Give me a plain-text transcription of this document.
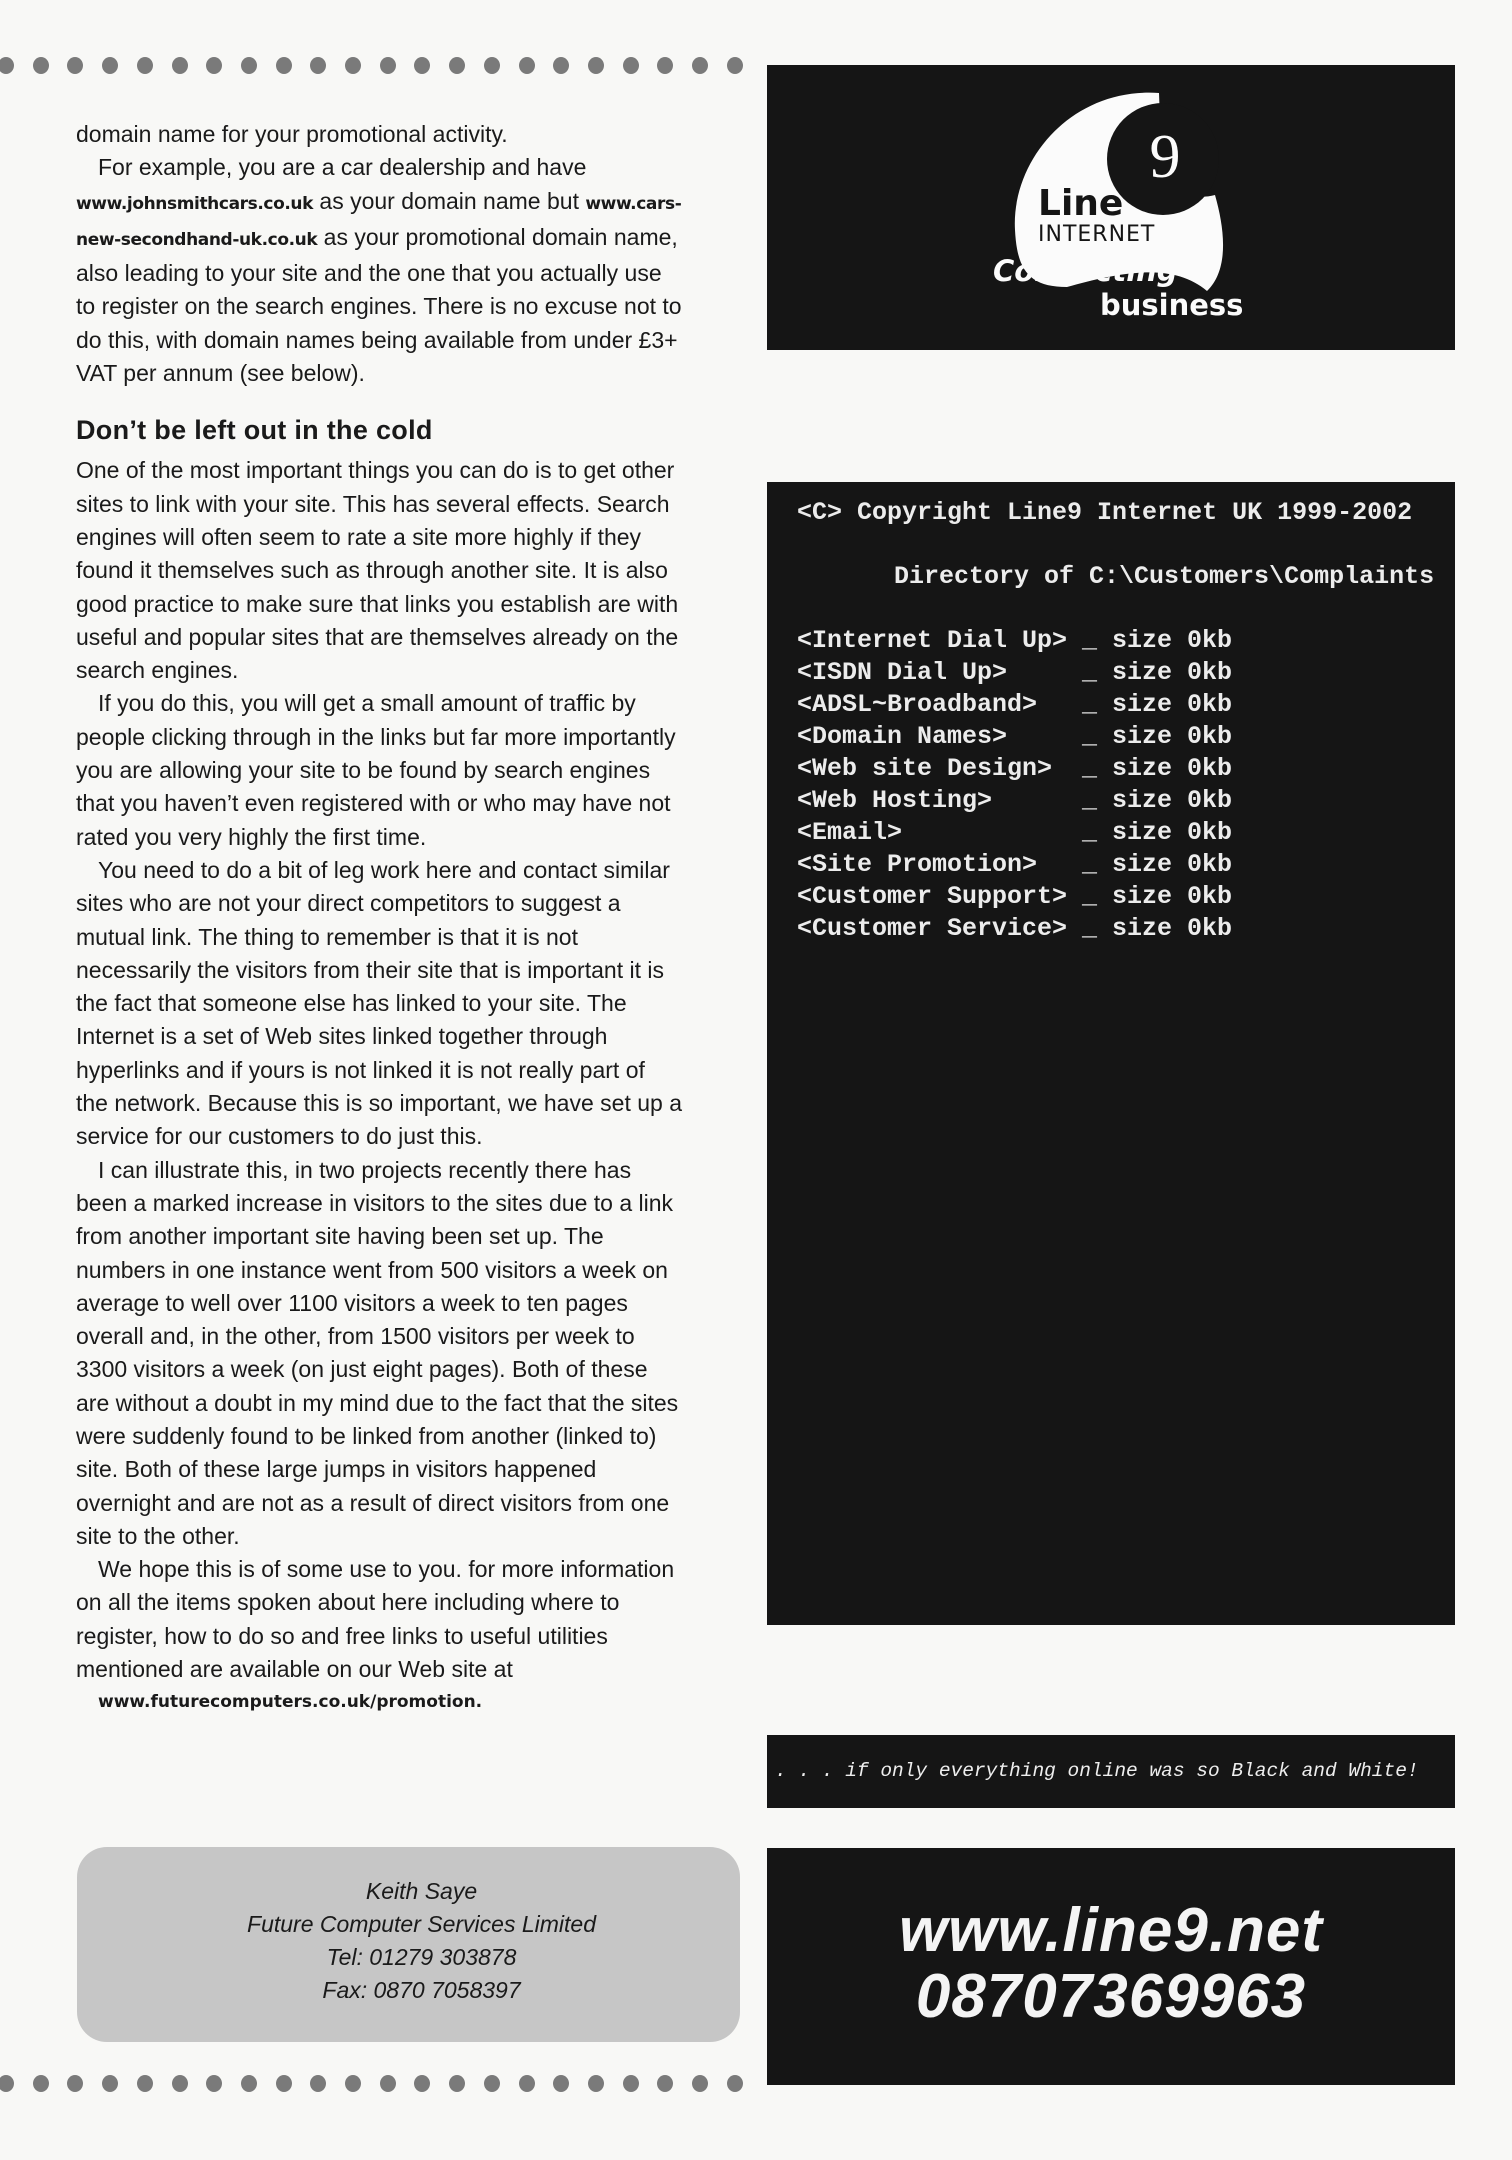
domain name for your promotional activity.
For example, you are a car dealership and have
www.johnsmithcars.co.uk as your domain name but www.cars-
new-secondhand-uk.co.uk as your promotional domain name,
also leading to your site and the one that you actually use
to register on the search engines. There is no excuse not to
do this, with domain names being available from under £3+
VAT per annum (see below).
Don’t be left out in the cold
One of the most important things you can do is to get other
sites to link with your site. This has several effects. Search
engines will often seem to rate a site more highly if they
found it themselves such as through another site. It is also
good practice to make sure that links you establish are with
useful and popular sites that are themselves already on the
search engines.
If you do this, you will get a small amount of traffic by
people clicking through in the links but far more importantly
you are allowing your site to be found by search engines
that you haven’t even registered with or who may have not
rated you very highly the first time.
You need to do a bit of leg work here and contact similar
sites who are not your direct competitors to suggest a
mutual link. The thing to remember is that it is not
necessarily the visitors from their site that is important it is
the fact that someone else has linked to your site. The
Internet is a set of Web sites linked together through
hyperlinks and if yours is not linked it is not really part of
the network. Because this is so important, we have set up a
service for our customers to do just this.
I can illustrate this, in two projects recently there has
been a marked increase in visitors to the sites due to a link
from another important site having been set up. The
numbers in one instance went from 500 visitors a week on
average to well over 1100 visitors a week to ten pages
overall and, in the other, from 1500 visitors per week to
3300 visitors a week (on just eight pages). Both of these
are without a doubt in my mind due to the fact that the sites
were suddenly found to be linked from another (linked to)
site. Both of these large jumps in visitors happened
overnight and are not as a result of direct visitors from one
site to the other.
We hope this is of some use to you. for more information
on all the items spoken about here including where to
register, how to do so and free links to useful utilities
mentioned are available on our Web site at
www.futurecomputers.co.uk/promotion.
9
Line
INTERNET
Connecting
business
<C> Copyright Line9 Internet UK 1999-2002

Directory of C:\Customers\Complaints

<Internet Dial Up> _ size 0kb
<ISDN Dial Up>	_ size 0kb
<ADSL~Broadband> _ size 0kb
<Domain Names>	_ size 0kb
<Web site Design> _ size 0kb
<Web Hosting>	_ size 0kb
<Email>	_ size 0kb
<Site Promotion> _ size 0kb
<Customer Support> _ size 0kb
<Customer Service> _ size 0kb
. . . if only everything online was so Black and White!
Keith Saye
Future Computer Services Limited
Tel: 01279 303878
Fax: 0870 7058397
www.line9.net
08707369963
